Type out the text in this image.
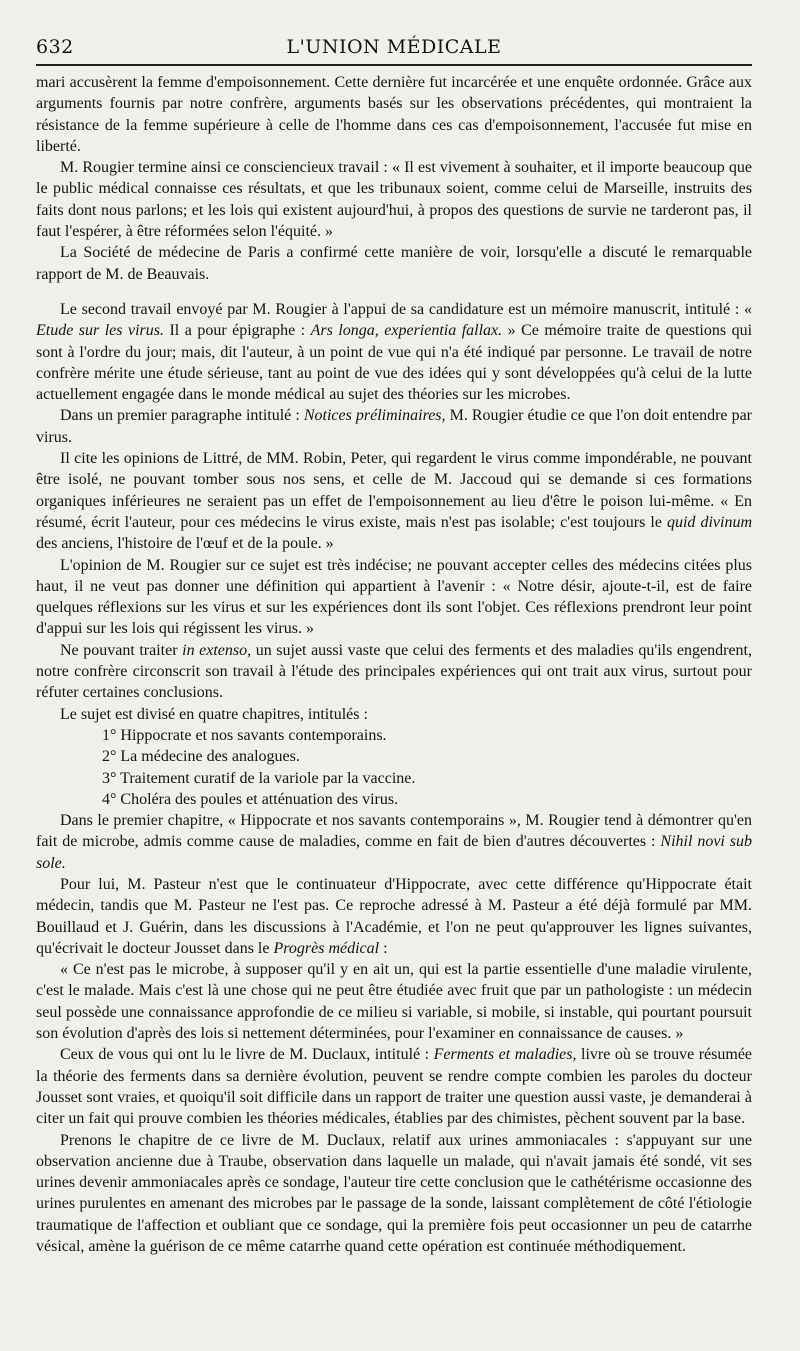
632	L'UNION MÉDICALE

mari accusèrent la femme d'empoisonnement. Cette dernière fut incarcérée et une enquête ordonnée. Grâce aux arguments fournis par notre confrère, arguments basés sur les observations précédentes, qui montraient la résistance de la femme supérieure à celle de l'homme dans ces cas d'empoisonnement, l'accusée fut mise en liberté.

M. Rougier termine ainsi ce consciencieux travail : « Il est vivement à souhaiter, et il importe beaucoup que le public médical connaisse ces résultats, et que les tribunaux soient, comme celui de Marseille, instruits des faits dont nous parlons; et les lois qui existent aujourd'hui, à propos des questions de survie ne tarderont pas, il faut l'espérer, à être réformées selon l'équité. »

La Société de médecine de Paris a confirmé cette manière de voir, lorsqu'elle a discuté le remarquable rapport de M. de Beauvais.

Le second travail envoyé par M. Rougier à l'appui de sa candidature est un mémoire manuscrit, intitulé : « Etude sur les virus. Il a pour épigraphe : Ars longa, experientia fallax. » Ce mémoire traite de questions qui sont à l'ordre du jour; mais, dit l'auteur, à un point de vue qui n'a été indiqué par personne. Le travail de notre confrère mérite une étude sérieuse, tant au point de vue des idées qui y sont développées qu'à celui de la lutte actuellement engagée dans le monde médical au sujet des théories sur les microbes.

Dans un premier paragraphe intitulé : Notices préliminaires, M. Rougier étudie ce que l'on doit entendre par virus.

Il cite les opinions de Littré, de MM. Robin, Peter, qui regardent le virus comme impondérable, ne pouvant être isolé, ne pouvant tomber sous nos sens, et celle de M. Jaccoud qui se demande si ces formations organiques inférieures ne seraient pas un effet de l'empoisonnement au lieu d'être le poison lui-même. « En résumé, écrit l'auteur, pour ces médecins le virus existe, mais n'est pas isolable; c'est toujours le quid divinum des anciens, l'histoire de l'œuf et de la poule. »

L'opinion de M. Rougier sur ce sujet est très indécise; ne pouvant accepter celles des médecins citées plus haut, il ne veut pas donner une définition qui appartient à l'avenir : « Notre désir, ajoute-t-il, est de faire quelques réflexions sur les virus et sur les expériences dont ils sont l'objet. Ces réflexions prendront leur point d'appui sur les lois qui régissent les virus. »

Ne pouvant traiter in extenso, un sujet aussi vaste que celui des ferments et des maladies qu'ils engendrent, notre confrère circonscrit son travail à l'étude des principales expériences qui ont trait aux virus, surtout pour réfuter certaines conclusions.

Le sujet est divisé en quatre chapitres, intitulés :

1° Hippocrate et nos savants contemporains.
2° La médecine des analogues.
3° Traitement curatif de la variole par la vaccine.
4° Choléra des poules et atténuation des virus.

Dans le premier chapitre, « Hippocrate et nos savants contemporains », M. Rougier tend à démontrer qu'en fait de microbe, admis comme cause de maladies, comme en fait de bien d'autres découvertes : Nihil novi sub sole.

Pour lui, M. Pasteur n'est que le continuateur d'Hippocrate, avec cette différence qu'Hippocrate était médecin, tandis que M. Pasteur ne l'est pas. Ce reproche adressé à M. Pasteur a été déjà formulé par MM. Bouillaud et J. Guérin, dans les discussions à l'Académie, et l'on ne peut qu'approuver les lignes suivantes, qu'écrivait le docteur Jousset dans le Progrès médical :

« Ce n'est pas le microbe, à supposer qu'il y en ait un, qui est la partie essentielle d'une maladie virulente, c'est le malade. Mais c'est là une chose qui ne peut être étudiée avec fruit que par un pathologiste : un médecin seul possède une connaissance approfondie de ce milieu si variable, si mobile, si instable, qui pourtant poursuit son évolution d'après des lois si nettement déterminées, pour l'examiner en connaissance de causes. »

Ceux de vous qui ont lu le livre de M. Duclaux, intitulé : Ferments et maladies, livre où se trouve résumée la théorie des ferments dans sa dernière évolution, peuvent se rendre compte combien les paroles du docteur Jousset sont vraies, et quoiqu'il soit difficile dans un rapport de traiter une question aussi vaste, je demanderai à citer un fait qui prouve combien les théories médicales, établies par des chimistes, pèchent souvent par la base.

Prenons le chapitre de ce livre de M. Duclaux, relatif aux urines ammoniacales : s'appuyant sur une observation ancienne due à Traube, observation dans laquelle un malade, qui n'avait jamais été sondé, vit ses urines devenir ammoniacales après ce sondage, l'auteur tire cette conclusion que le cathétérisme occasionne des urines purulentes en amenant des microbes par le passage de la sonde, laissant complètement de côté l'étiologie traumatique de l'affection et oubliant que ce sondage, qui la première fois peut occasionner un peu de catarrhe vésical, amène la guérison de ce même catarrhe quand cette opération est continuée méthodiquement.
